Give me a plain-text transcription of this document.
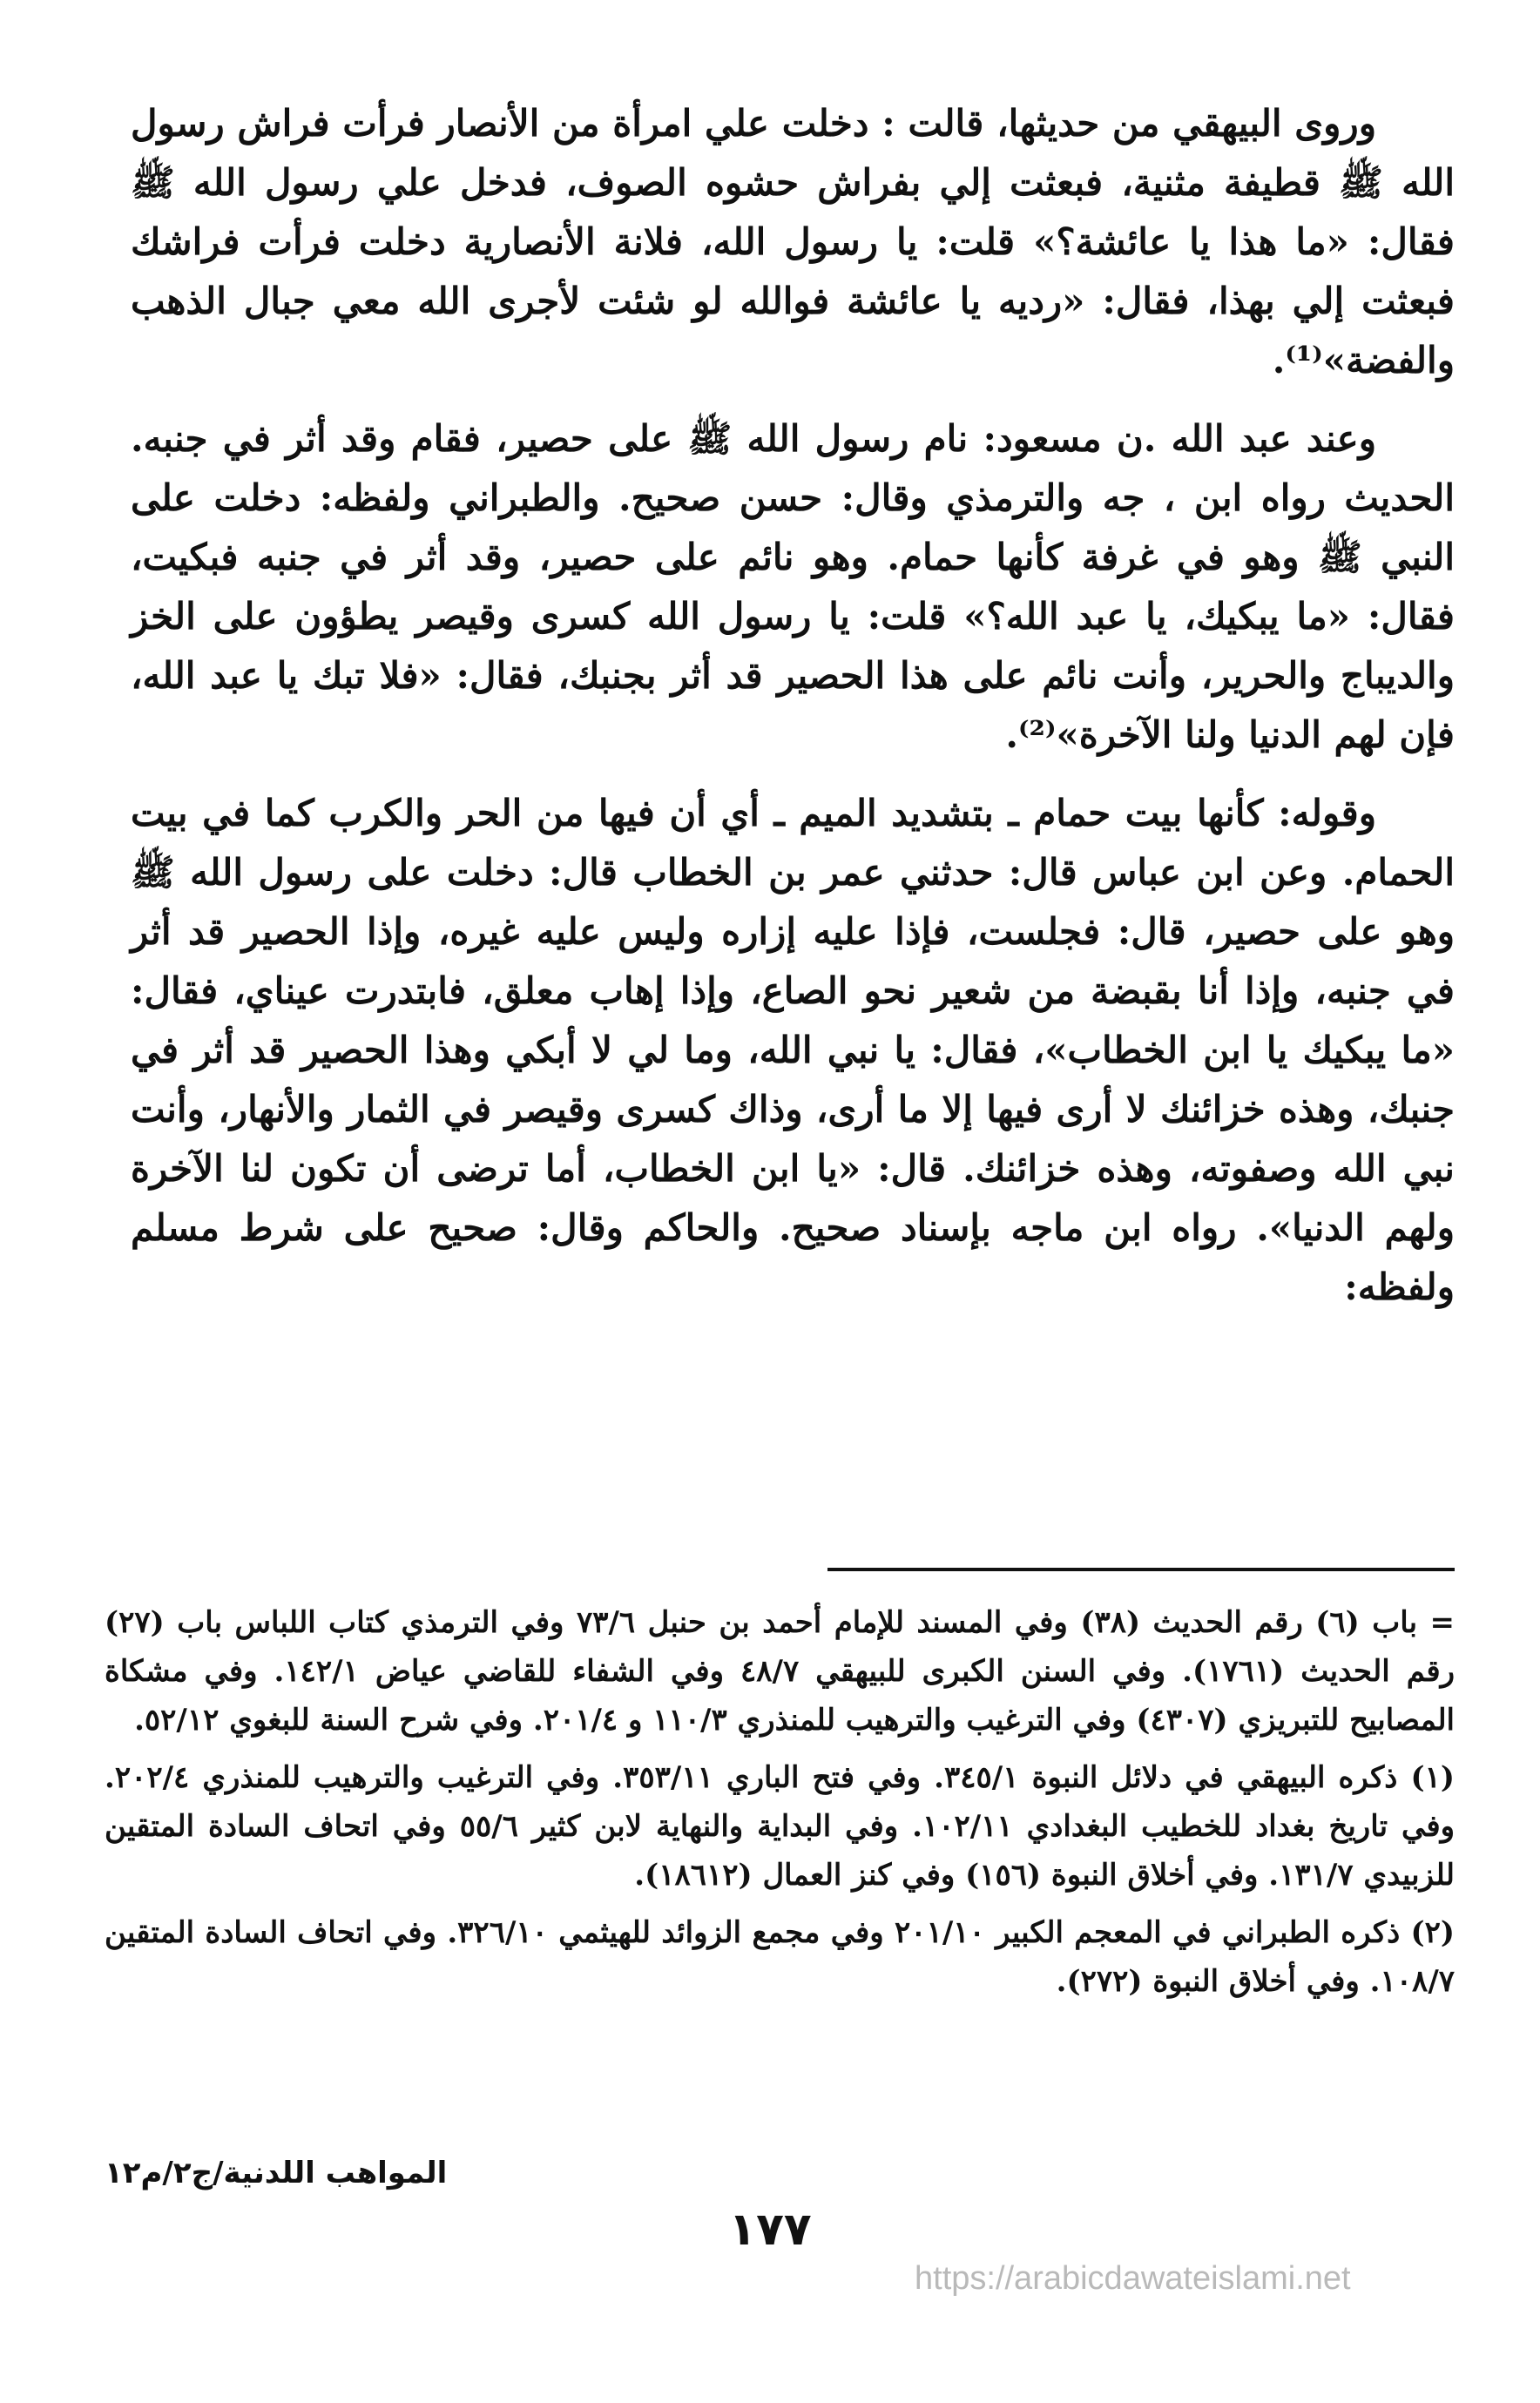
وروى البيهقي من حديثها، قالت : دخلت علي امرأة من الأنصار فرأت فراش رسول الله ﷺ قطيفة مثنية، فبعثت إلي بفراش حشوه الصوف، فدخل علي رسول الله ﷺ فقال: «ما هذا يا عائشة؟» قلت: يا رسول الله، فلانة الأنصارية دخلت فرأت فراشك فبعثت إلي بهذا، فقال: «رديه يا عائشة فوالله لو شئت لأجرى الله معي جبال الذهب والفضة»⁽¹⁾.

وعند عبد الله .ن مسعود: نام رسول الله ﷺ على حصير، فقام وقد أثر في جنبه. الحديث رواه ابن ، جه والترمذي وقال: حسن صحيح. والطبراني ولفظه: دخلت على النبي ﷺ وهو في غرفة كأنها حمام. وهو نائم على حصير، وقد أثر في جنبه فبكيت، فقال: «ما يبكيك، يا عبد الله؟» قلت: يا رسول الله كسرى وقيصر يطؤون على الخز والديباج والحرير، وأنت نائم على هذا الحصير قد أثر بجنبك، فقال: «فلا تبك يا عبد الله، فإن لهم الدنيا ولنا الآخرة»⁽²⁾.

وقوله: كأنها بيت حمام ـ بتشديد الميم ـ أي أن فيها من الحر والكرب كما في بيت الحمام. وعن ابن عباس قال: حدثني عمر بن الخطاب قال: دخلت على رسول الله ﷺ وهو على حصير، قال: فجلست، فإذا عليه إزاره وليس عليه غيره، وإذا الحصير قد أثر في جنبه، وإذا أنا بقبضة من شعير نحو الصاع، وإذا إهاب معلق، فابتدرت عيناي، فقال: «ما يبكيك يا ابن الخطاب»، فقال: يا نبي الله، وما لي لا أبكي وهذا الحصير قد أثر في جنبك، وهذه خزائنك لا أرى فيها إلا ما أرى، وذاك كسرى وقيصر في الثمار والأنهار، وأنت نبي الله وصفوته، وهذه خزائنك. قال: «يا ابن الخطاب، أما ترضى أن تكون لنا الآخرة ولهم الدنيا». رواه ابن ماجه بإسناد صحيح. والحاكم وقال: صحيح على شرط مسلم ولفظه:

= باب (٦) رقم الحديث (٣٨) وفي المسند للإمام أحمد بن حنبل ٧٣/٦ وفي الترمذي كتاب اللباس باب (٢٧) رقم الحديث (١٧٦١). وفي السنن الكبرى للبيهقي ٤٨/٧ وفي الشفاء للقاضي عياض ١٤٢/١. وفي مشكاة المصابيح للتبريزي (٤٣٠٧) وفي الترغيب والترهيب للمنذري ١١٠/٣ و ٢٠١/٤. وفي شرح السنة للبغوي ٥٢/١٢.

(١) ذكره البيهقي في دلائل النبوة ٣٤٥/١. وفي فتح الباري ٣٥٣/١١. وفي الترغيب والترهيب للمنذري ٢٠٢/٤. وفي تاريخ بغداد للخطيب البغدادي ١٠٢/١١. وفي البداية والنهاية لابن كثير ٥٥/٦ وفي اتحاف السادة المتقين للزبيدي ١٣١/٧. وفي أخلاق النبوة (١٥٦) وفي كنز العمال (١٨٦١٢).

(٢) ذكره الطبراني في المعجم الكبير ٢٠١/١٠ وفي مجمع الزوائد للهيثمي ٣٢٦/١٠. وفي اتحاف السادة المتقين ١٠٨/٧. وفي أخلاق النبوة (٢٧٢).

المواهب اللدنية/ج٢/م١٢
١٧٧
https://arabicdawateislami.net
